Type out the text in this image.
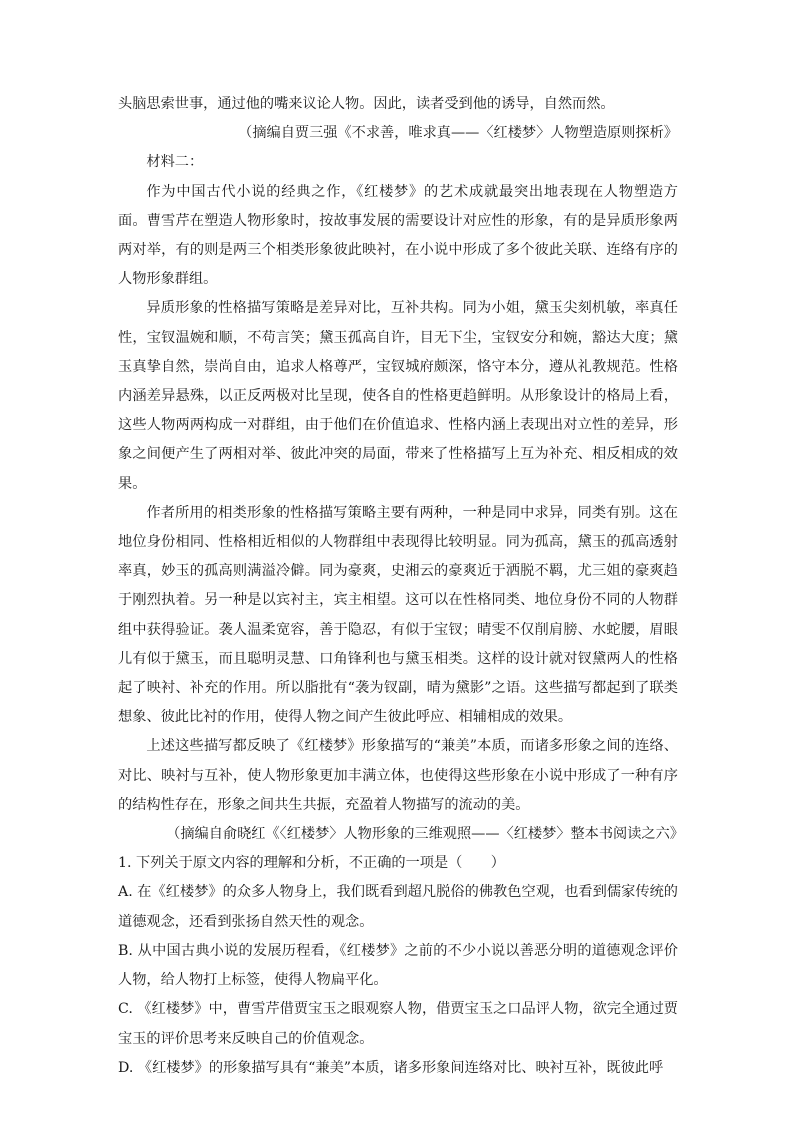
头脑思索世事，通过他的嘴来议论人物。因此，读者受到他的诱导，自然而然。

（摘编自贾三强《不求善，唯求真——〈红楼梦〉人物塑造原则探析》

材料二：

作为中国古代小说的经典之作，《红楼梦》的艺术成就最突出地表现在人物塑造方面。曹雪芹在塑造人物形象时，按故事发展的需要设计对应性的形象，有的是异质形象两两对举，有的则是两三个相类形象彼此映衬，在小说中形成了多个彼此关联、连络有序的人物形象群组。

异质形象的性格描写策略是差异对比，互补共构。同为小姐，黛玉尖刻机敏，率真任性，宝钗温婉和顺，不苟言笑；黛玉孤高自许，目无下尘，宝钗安分和婉，豁达大度；黛玉真挚自然，崇尚自由，追求人格尊严，宝钗城府颇深，恪守本分，遵从礼教规范。性格内涵差异悬殊，以正反两极对比呈现，使各自的性格更趋鲜明。从形象设计的格局上看，这些人物两两构成一对群组，由于他们在价值追求、性格内涵上表现出对立性的差异，形象之间便产生了两相对举、彼此冲突的局面，带来了性格描写上互为补充、相反相成的效果。

作者所用的相类形象的性格描写策略主要有两种，一种是同中求异，同类有别。这在地位身份相同、性格相近相似的人物群组中表现得比较明显。同为孤高，黛玉的孤高透射率真，妙玉的孤高则满溢冷僻。同为豪爽，史湘云的豪爽近于洒脱不羁，尤三姐的豪爽趋于刚烈执着。另一种是以宾衬主，宾主相望。这可以在性格同类、地位身份不同的人物群组中获得验证。袭人温柔宽容，善于隐忍，有似于宝钗；晴雯不仅削肩膀、水蛇腰，眉眼儿有似于黛玉，而且聪明灵慧、口角锋利也与黛玉相类。这样的设计就对钗黛两人的性格起了映衬、补充的作用。所以脂批有“袭为钗副，晴为黛影”之语。这些描写都起到了联类想象、彼此比衬的作用，使得人物之间产生彼此呼应、相辅相成的效果。

上述这些描写都反映了《红楼梦》形象描写的“兼美”本质，而诸多形象之间的连络、对比、映衬与互补，使人物形象更加丰满立体，也使得这些形象在小说中形成了一种有序的结构性存在，形象之间共生共振，充盈着人物描写的流动的美。

（摘编自俞晓红《〈红楼梦〉人物形象的三维观照——〈红楼梦〉整本书阅读之六》

1. 下列关于原文内容的理解和分析，不正确的一项是（　　）

A. 在《红楼梦》的众多人物身上，我们既看到超凡脱俗的佛教色空观，也看到儒家传统的道德观念，还看到张扬自然天性的观念。

B. 从中国古典小说的发展历程看，《红楼梦》之前的不少小说以善恶分明的道德观念评价人物，给人物打上标签，使得人物扁平化。

C. 《红楼梦》中，曹雪芹借贾宝玉之眼观察人物，借贾宝玉之口品评人物，欲完全通过贾宝玉的评价思考来反映自己的价值观念。

D. 《红楼梦》的形象描写具有“兼美”本质，诸多形象间连络对比、映衬互补，既彼此呼
